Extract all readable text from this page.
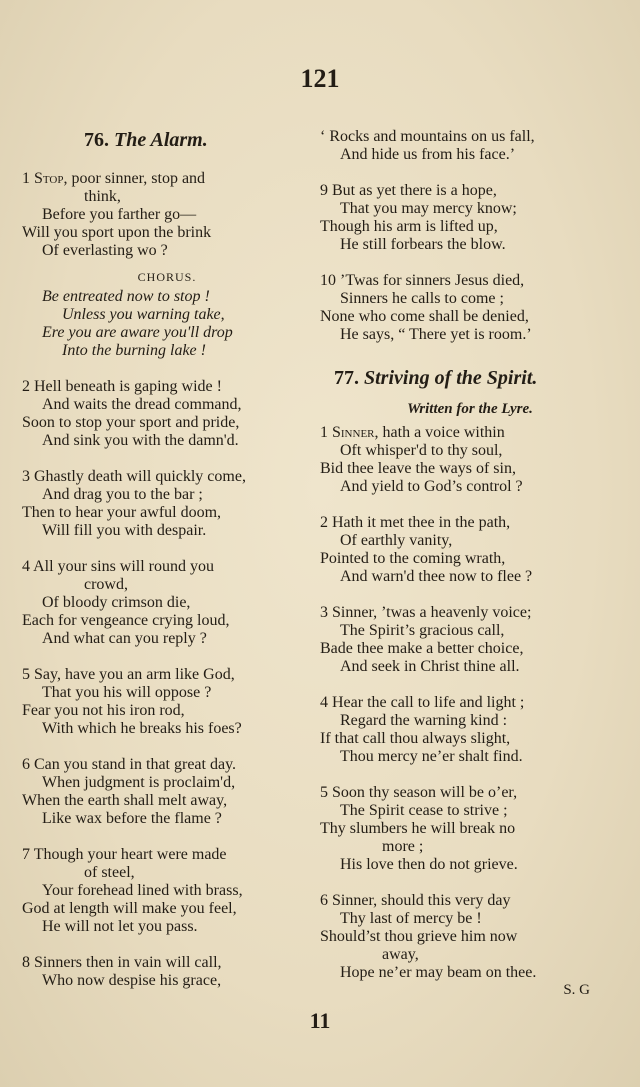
121
76. The Alarm.
1 Stop, poor sinner, stop and
think,
Before you farther go—
Will you sport upon the brink
Of everlasting wo ?
CHORUS.
Be entreated now to stop !
Unless you warning take,
Ere you are aware you'll drop
Into the burning lake !
2 Hell beneath is gaping wide !
And waits the dread command,
Soon to stop your sport and pride,
And sink you with the damn'd.
3 Ghastly death will quickly come,
And drag you to the bar ;
Then to hear your awful doom,
Will fill you with despair.
4 All your sins will round you
crowd,
Of bloody crimson die,
Each for vengeance crying loud,
And what can you reply ?
5 Say, have you an arm like God,
That you his will oppose ?
Fear you not his iron rod,
With which he breaks his foes?
6 Can you stand in that great day.
When judgment is proclaim'd,
When the earth shall melt away,
Like wax before the flame ?
7 Though your heart were made
of steel,
Your forehead lined with brass,
God at length will make you feel,
He will not let you pass.
8 Sinners then in vain will call,
Who now despise his grace,
‘ Rocks and mountains on us fall,
And hide us from his face.’
9 But as yet there is a hope,
That you may mercy know;
Though his arm is lifted up,
He still forbears the blow.
10 ’Twas for sinners Jesus died,
Sinners he calls to come ;
None who come shall be denied,
He says, “ There yet is room.’
77. Striving of the Spirit.
Written for the Lyre.
1 Sinner, hath a voice within
Oft whisper'd to thy soul,
Bid thee leave the ways of sin,
And yield to God’s control ?
2 Hath it met thee in the path,
Of earthly vanity,
Pointed to the coming wrath,
And warn'd thee now to flee ?
3 Sinner, ’twas a heavenly voice;
The Spirit’s gracious call,
Bade thee make a better choice,
And seek in Christ thine all.
4 Hear the call to life and light ;
Regard the warning kind :
If that call thou always slight,
Thou mercy ne’er shalt find.
5 Soon thy season will be o’er,
The Spirit cease to strive ;
Thy slumbers he will break no
more ;
His love then do not grieve.
6 Sinner, should this very day
Thy last of mercy be !
Should’st thou grieve him now
away,
Hope ne’er may beam on thee.
S. G
11
